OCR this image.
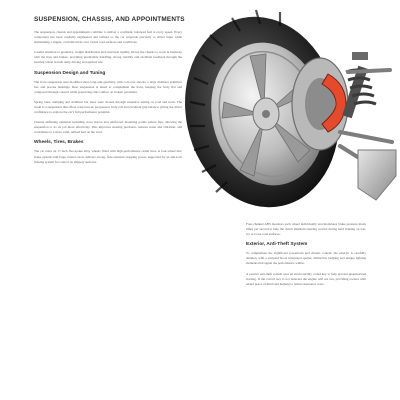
SUSPENSION, CHASSIS, AND APPOINTMENTS

The suspension, chassis and appointments combine to deliver a confident, balanced feel at every speed. Every component has been carefully engineered and refined so the car responds precisely to driver input while maintaining a supple, controlled ride over varied road surfaces and conditions.

Careful attention to geometry, weight distribution and structural rigidity allows the chassis to work in harmony with the tires and brakes, providing predictable handling, strong stability and excellent feedback through the steering wheel in both daily driving and spirited use.

Suspension Design and Tuning

The front suspension uses modified short-long-arm geometry with coil-over shocks, a large diameter stabilizer bar, and precise bushings. Rear suspension is tuned to complement the front, keeping the body flat and composed through corners while preserving ride comfort on broken pavement.

Spring rates, damping and stabilizer bar sizes were chosen through extensive testing on road and track. The result is a suspension that offers crisp turn-in, progressive body roll and excellent grip balance, giving the driver confidence to explore the car's full performance potential.

Chassis stiffening elements including cross braces and reinforced mounting points reduce flex, allowing the suspension to do its job more effectively. This improves steering precision, reduces noise and vibration, and contributes to a more solid, refined feel on the road.

Wheels, Tires, Brakes

The car rides on 17-inch five-spoke alloy wheels fitted with high-performance radial tires. A four-wheel disc brake system with large vented rotors delivers strong, fade-resistant stopping power, supported by an anti-lock braking system for control on slippery surfaces.

Four-channel ABS monitors each wheel individually and modulates brake pressure many times per second to help the driver maintain steering control during hard braking on wet, icy or loose road surfaces.

Exterior, Anti-Theft System

To complement the significant powertrain and chassis content, the exterior is carefully detailed, with a sculpted hood, integrated spoiler, distinctive badging and unique lighting elements that signal the performance within.

A passive anti-theft system uses an electronically coded key to help prevent unauthorized starting. If the correct key is not detected the engine will not run, providing owners with added peace of mind and helping to reduce insurance costs.
